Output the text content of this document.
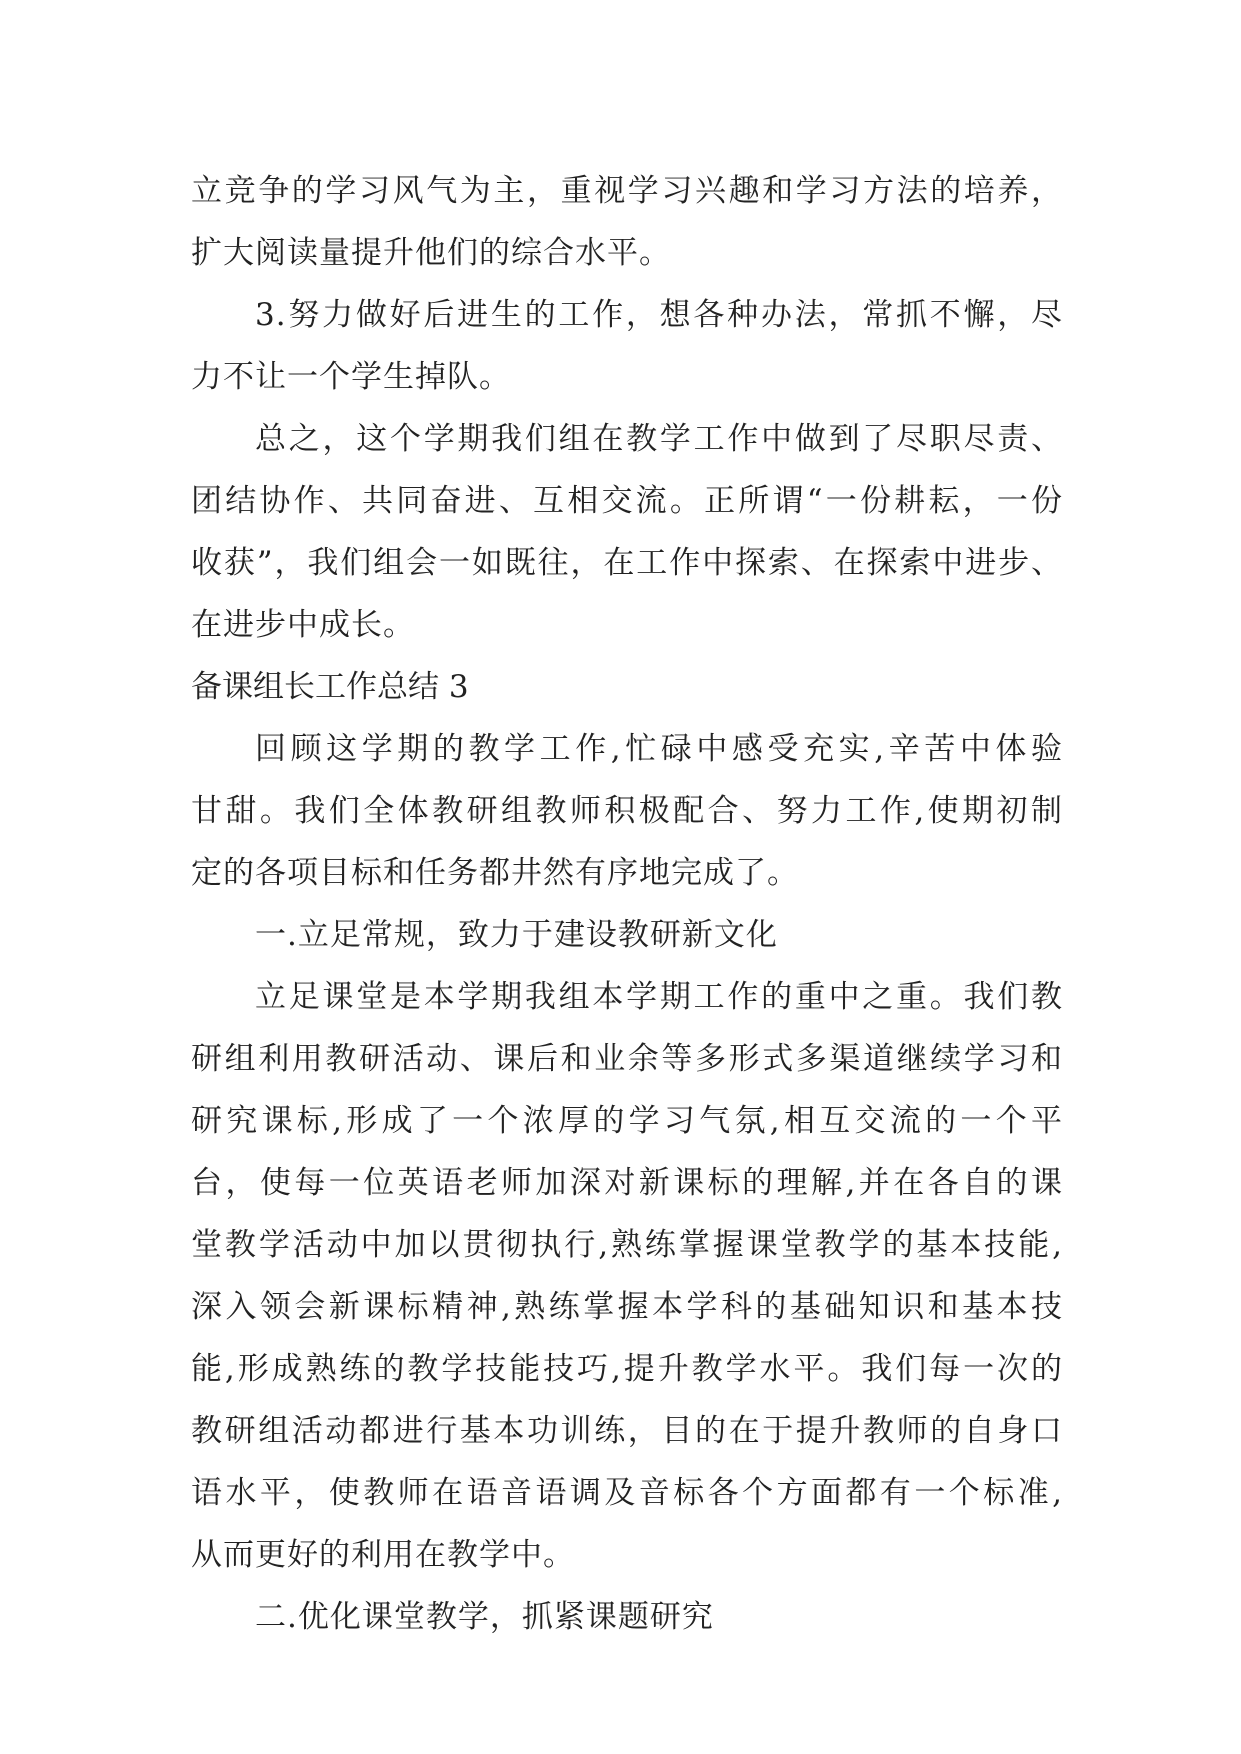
立竞争的学习风气为主，重视学习兴趣和学习方法的培养，
扩大阅读量提升他们的综合水平。
3.努力做好后进生的工作，想各种办法，常抓不懈，尽
力不让一个学生掉队。
总之，这个学期我们组在教学工作中做到了尽职尽责、
团结协作、共同奋进、互相交流。正所谓“一份耕耘，一份
收获”，我们组会一如既往，在工作中探索、在探索中进步、
在进步中成长。
备课组长工作总结 3
回顾这学期的教学工作,忙碌中感受充实,辛苦中体验
甘甜。我们全体教研组教师积极配合、努力工作,使期初制
定的各项目标和任务都井然有序地完成了。
一.立足常规，致力于建设教研新文化
立足课堂是本学期我组本学期工作的重中之重。我们教
研组利用教研活动、课后和业余等多形式多渠道继续学习和
研究课标,形成了一个浓厚的学习气氛,相互交流的一个平
台，使每一位英语老师加深对新课标的理解,并在各自的课
堂教学活动中加以贯彻执行,熟练掌握课堂教学的基本技能,
深入领会新课标精神,熟练掌握本学科的基础知识和基本技
能,形成熟练的教学技能技巧,提升教学水平。我们每一次的
教研组活动都进行基本功训练，目的在于提升教师的自身口
语水平，使教师在语音语调及音标各个方面都有一个标准,
从而更好的利用在教学中。
二.优化课堂教学，抓紧课题研究
